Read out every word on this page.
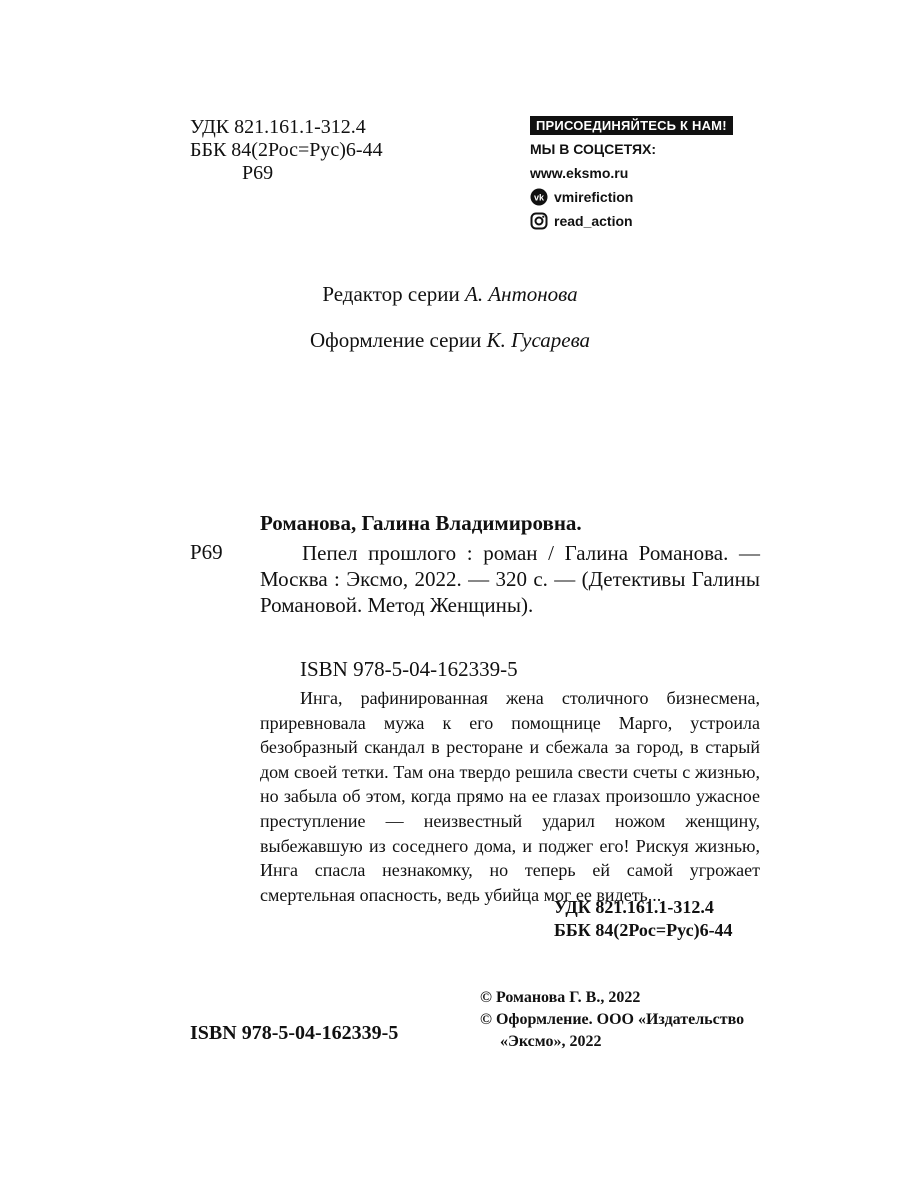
УДК 821.161.1-312.4
ББК 84(2Рос=Рус)6-44
Р69
ПРИСОЕДИНЯЙТЕСЬ К НАМ!
МЫ В СОЦСЕТЯХ:
www.eksmo.ru
vk vmirefiction
read_action
Редактор серии А. Антонова
Оформление серии К. Гусарева
Романова, Галина Владимировна.
Р69	Пепел прошлого : роман / Галина Романова. — Москва : Эксмо, 2022. — 320 с. — (Детективы Галины Романовой. Метод Женщины).
ISBN 978-5-04-162339-5
Инга, рафинированная жена столичного бизнесмена, приревновала мужа к его помощнице Марго, устроила безобразный скандал в ресторане и сбежала за город, в старый дом своей тетки. Там она твердо решила свести счеты с жизнью, но забыла об этом, когда прямо на ее глазах произошло ужасное преступление — неизвестный ударил ножом женщину, выбежавшую из соседнего дома, и поджег его! Рискуя жизнью, Инга спасла незнакомку, но теперь ей самой угрожает смертельная опасность, ведь убийца мог ее видеть...
УДК 821.161.1-312.4
ББК 84(2Рос=Рус)6-44
© Романова Г. В., 2022
© Оформление. ООО «Издательство
«Эксмо», 2022
ISBN 978-5-04-162339-5
